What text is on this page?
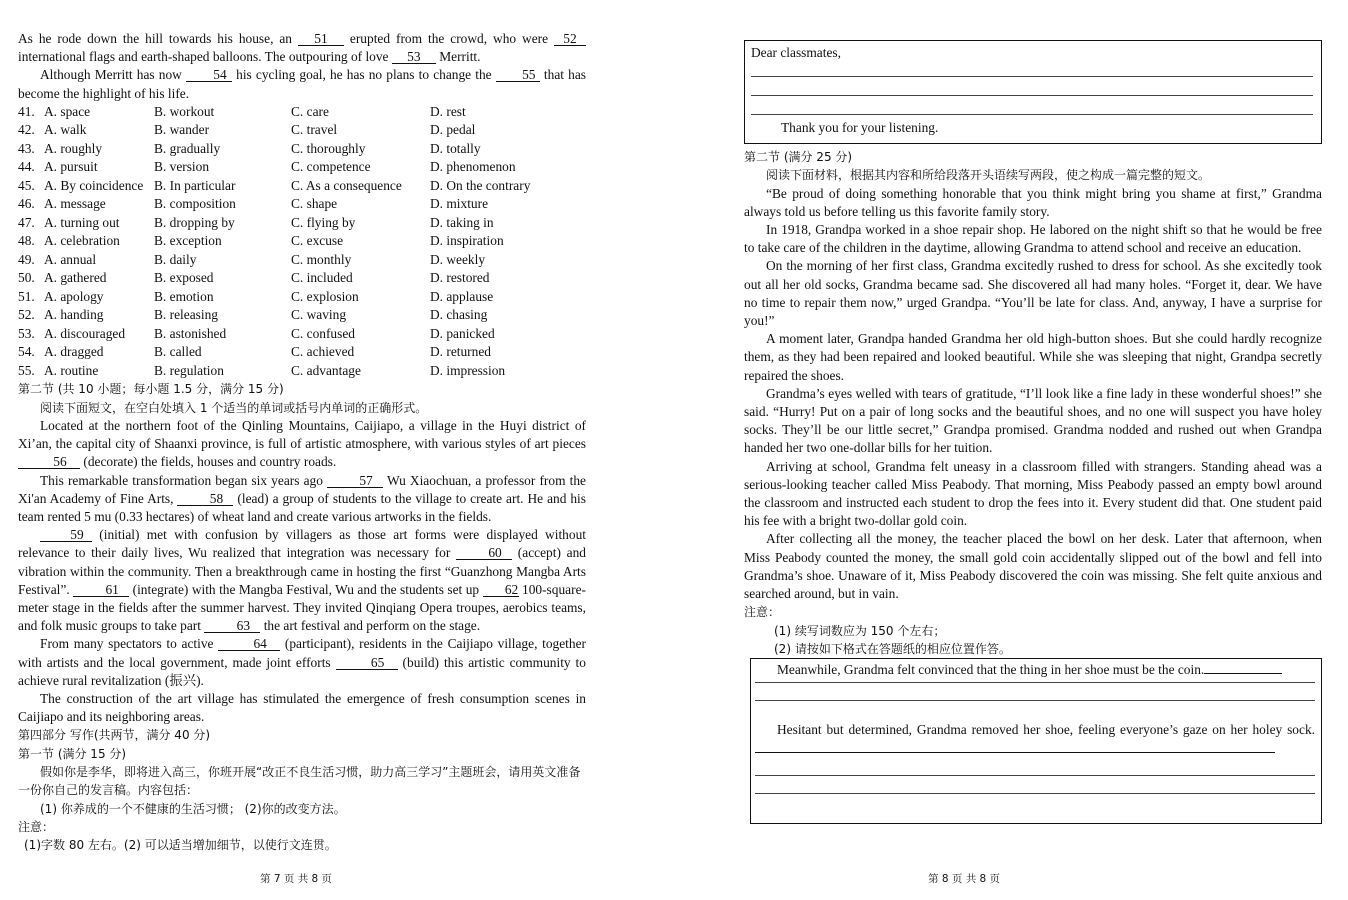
As he rode down the hill towards his house, an 51 erupted from the crowd, who were 52 international flags and earth-shaped balloons. The outpouring of love 53 Merritt.

Although Merritt has now 54 his cycling goal, he has no plans to change the 55 that has become the highlight of his life.

41. A. space	B. workout	C. care	D. rest
42. A. walk	B. wander	C. travel	D. pedal
43. A. roughly	B. gradually	C. thoroughly	D. totally
44. A. pursuit	B. version	C. competence	D. phenomenon
45. A. By coincidence B. In particular	C. As a consequence	D. On the contrary
46. A. message	B. composition	C. shape	D. mixture
47. A. turning out	B. dropping by	C. flying by	D. taking in
48. A. celebration	B. exception	C. excuse	D. inspiration
49. A. annual	B. daily	C. monthly	D. weekly
50. A. gathered	B. exposed	C. included	D. restored
51. A. apology	B. emotion	C. explosion	D. applause
52. A. handing	B. releasing	C. waving	D. chasing
53. A. discouraged	B. astonished	C. confused	D. panicked
54. A. dragged	B. called	C. achieved	D. returned
55. A. routine	B. regulation	C. advantage	D. impression

第二节 (共 10 小题；每小题 1.5 分，满分 15 分)

阅读下面短文，在空白处填入 1 个适当的单词或括号内单词的正确形式。

Located at the northern foot of the Qinling Mountains, Caijiapo, a village in the Huyi district of Xi’an, the capital city of Shaanxi province, is full of artistic atmosphere, with various styles of art pieces 56 (decorate) the fields, houses and country roads.

This remarkable transformation began six years ago	57 Wu Xiaochuan, a professor from the Xi'an Academy of Fine Arts,	58 (lead) a group of students to the village to create art. He and his team rented 5 mu (0.33 hectares) of wheat land and create various artworks in the fields.

59 (initial) met with confusion by villagers as those art forms were displayed without relevance to their daily lives, Wu realized that integration was necessary for	60 (accept) and vibration within the community. Then a breakthrough came in hosting the first “Guanzhong Mangba Arts Festival”.	61 (integrate) with the Mangba Festival, Wu and the students set up 62 100-square-meter stage in the fields after the summer harvest. They invited Qinqiang Opera troupes, aerobics teams, and folk music groups to take part	63 the art festival and perform on the stage.

From many spectators to active	64 (participant), residents in the Caijiapo village, together with artists and the local government, made joint efforts	65 (build) this artistic community to achieve rural revitalization (振兴).

The construction of the art village has stimulated the emergence of fresh consumption scenes in Caijiapo and its neighboring areas.

第四部分 写作(共两节，满分 40 分)

第一节 (满分 15 分)

假如你是李华，即将进入高三，你班开展“改正不良生活习惯，助力高三学习”主题班会，请用英文准备一份你自己的发言稿。内容包括：

(1) 你养成的一个不健康的生活习惯； (2)你的改变方法。

注意：

(1)字数 80 左右。(2) 可以适当增加细节，以使行文连贯。

第 7 页 共 8 页
Dear classmates,
Thank you for your listening.

第二节 (满分 25 分)

阅读下面材料，根据其内容和所给段落开头语续写两段，使之构成一篇完整的短文。

“Be proud of doing something honorable that you think might bring you shame at first,” Grandma always told us before telling us this favorite family story.

In 1918, Grandpa worked in a shoe repair shop. He labored on the night shift so that he would be free to take care of the children in the daytime, allowing Grandma to attend school and receive an education.

On the morning of her first class, Grandma excitedly rushed to dress for school. As she excitedly took out all her old socks, Grandma became sad. She discovered all had many holes. “Forget it, dear. We have no time to repair them now,” urged Grandpa. “You’ll be late for class. And, anyway, I have a surprise for you!”

A moment later, Grandpa handed Grandma her old high-button shoes. But she could hardly recognize them, as they had been repaired and looked beautiful. While she was sleeping that night, Grandpa secretly repaired the shoes.

Grandma’s eyes welled with tears of gratitude, “I’ll look like a fine lady in these wonderful shoes!” she said. “Hurry! Put on a pair of long socks and the beautiful shoes, and no one will suspect you have holey socks. They’ll be our little secret,” Grandpa promised. Grandma nodded and rushed out when Grandpa handed her two one-dollar bills for her tuition.

Arriving at school, Grandma felt uneasy in a classroom filled with strangers. Standing ahead was a serious-looking teacher called Miss Peabody. That morning, Miss Peabody passed an empty bowl around the classroom and instructed each student to drop the fees into it. Every student did that. One student paid his fee with a bright two-dollar gold coin.

After collecting all the money, the teacher placed the bowl on her desk. Later that afternoon, when Miss Peabody counted the money, the small gold coin accidentally slipped out of the bowl and fell into Grandma’s shoe. Unaware of it, Miss Peabody discovered the coin was missing. She felt quite anxious and searched around, but in vain.

注意：

(1) 续写词数应为 150 个左右；

(2) 请按如下格式在答题纸的相应位置作答。

Meanwhile, Grandma felt convinced that the thing in her shoe must be the coin.
Hesitant but determined, Grandma removed her shoe, feeling everyone’s gaze on her holey sock.
第 8 页 共 8 页
